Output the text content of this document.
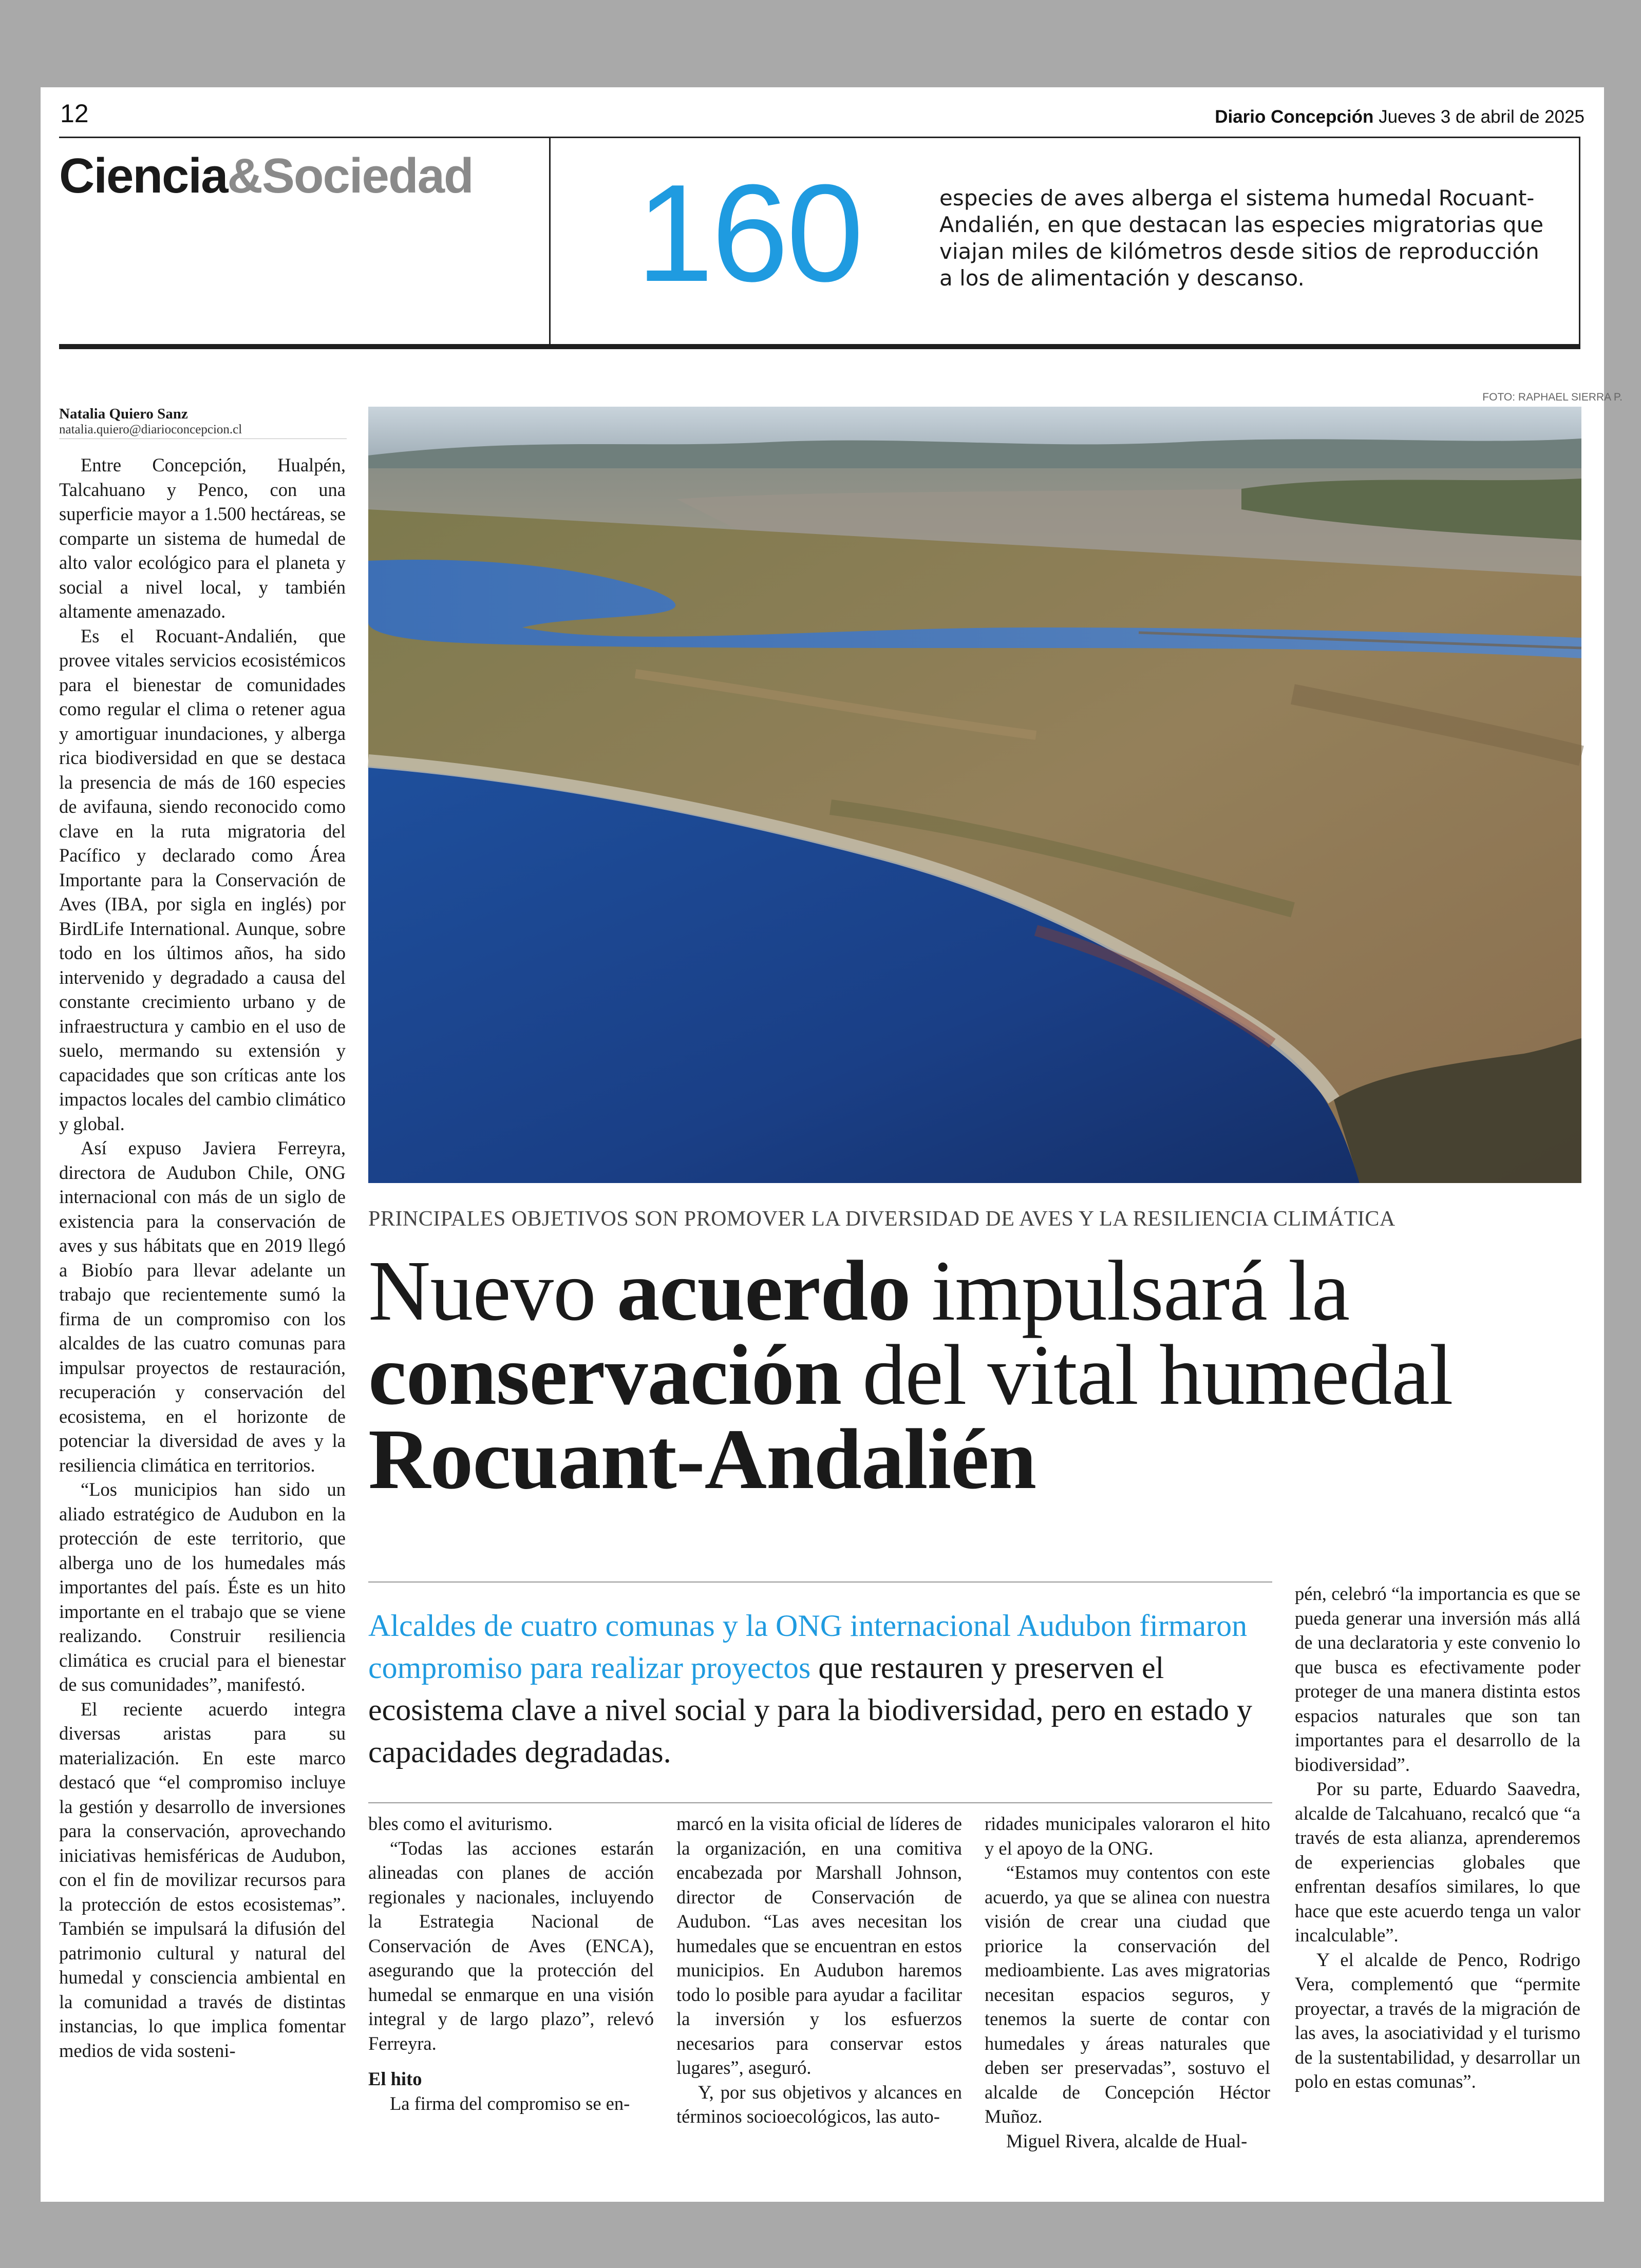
12	Diario Concepción Jueves 3 de abril de 2025
Ciencia&Sociedad 160	especies de aves alberga el sistema humedal Rocuant-Andalién, en que destacan las especies migratorias que viajan miles de kilómetros desde sitios de reproducción a los de alimentación y descanso.
FOTO: RAPHAEL SIERRA P.
PRINCIPALES OBJETIVOS SON PROMOVER LA DIVERSIDAD DE AVES Y LA RESILIENCIA CLIMÁTICA
Nuevo acuerdo impulsará la conservación del vital humedal Rocuant-Andalién
Alcaldes de cuatro comunas y la ONG internacional Audubon firmaron compromiso para realizar proyectos que restauren y preserven el ecosistema clave a nivel social y para la biodiversidad, pero en estado y capacidades degradadas.
Natalia Quiero Sanz
natalia.quiero@diarioconcepcion.cl

Entre Concepción, Hualpén, Talcahuano y Penco, con una superficie mayor a 1.500 hectáreas, se comparte un sistema de humedal de alto valor ecológico para el planeta y social a nivel local, y también altamente amenazado.

Es el Rocuant-Andalién, que provee vitales servicios ecosistémicos para el bienestar de comunidades como regular el clima o retener agua y amortiguar inundaciones, y alberga rica biodiversidad en que se destaca la presencia de más de 160 especies de avifauna, siendo reconocido como clave en la ruta migratoria del Pacífico y declarado como Área Importante para la Conservación de Aves (IBA, por sigla en inglés) por BirdLife International. Aunque, sobre todo en los últimos años, ha sido intervenido y degradado a causa del constante crecimiento urbano y de infraestructura y cambio en el uso de suelo, mermando su extensión y capacidades que son críticas ante los impactos locales del cambio climático y global.

Así expuso Javiera Ferreyra, directora de Audubon Chile, ONG internacional con más de un siglo de existencia para la conservación de aves y sus hábitats que en 2019 llegó a Biobío para llevar adelante un trabajo que recientemente sumó la firma de un compromiso con los alcaldes de las cuatro comunas para impulsar proyectos de restauración, recuperación y conservación del ecosistema, en el horizonte de potenciar la diversidad de aves y la resiliencia climática en territorios.

“Los municipios han sido un aliado estratégico de Audubon en la protección de este territorio, que alberga uno de los humedales más importantes del país. Éste es un hito importante en el trabajo que se viene realizando. Construir resiliencia climática es crucial para el bienestar de sus comunidades”, manifestó.

El reciente acuerdo integra diversas aristas para su materialización. En este marco destacó que “el compromiso incluye la gestión y desarrollo de inversiones para la conservación, aprovechando iniciativas hemisféricas de Audubon, con el fin de movilizar recursos para la protección de estos ecosistemas”. También se impulsará la difusión del patrimonio cultural y natural del humedal y consciencia ambiental en la comunidad a través de distintas instancias, lo que implica fomentar medios de vida sosteni-

bles como el aviturismo.

“Todas las acciones estarán alineadas con planes de acción regionales y nacionales, incluyendo la Estrategia Nacional de Conservación de Aves (ENCA), asegurando que la protección del humedal se enmarque en una visión integral y de largo plazo”, relevó Ferreyra.

El hito

La firma del compromiso se en-

marcó en la visita oficial de líderes de la organización, en una comitiva encabezada por Marshall Johnson, director de Conservación de Audubon. “Las aves necesitan los humedales que se encuentran en estos municipios. En Audubon haremos todo lo posible para ayudar a facilitar la inversión y los esfuerzos necesarios para conservar estos lugares”, aseguró.

Y, por sus objetivos y alcances en términos socioecológicos, las auto-

ridades municipales valoraron el hito y el apoyo de la ONG.

“Estamos muy contentos con este acuerdo, ya que se alinea con nuestra visión de crear una ciudad que priorice la conservación del medioambiente. Las aves migratorias necesitan espacios seguros, y tenemos la suerte de contar con humedales y áreas naturales que deben ser preservadas”, sostuvo el alcalde de Concepción Héctor Muñoz.

Miguel Rivera, alcalde de Hual-

pén, celebró “la importancia es que se pueda generar una inversión más allá de una declaratoria y este convenio lo que busca es efectivamente poder proteger de una manera distinta estos espacios naturales que son tan importantes para el desarrollo de la biodiversidad”.

Por su parte, Eduardo Saavedra, alcalde de Talcahuano, recalcó que “a través de esta alianza, aprenderemos de experiencias globales que enfrentan desafíos similares, lo que hace que este acuerdo tenga un valor incalculable”.

Y el alcalde de Penco, Rodrigo Vera, complementó que “permite proyectar, a través de la migración de las aves, la asociatividad y el turismo de la sustentabilidad, y desarrollar un polo en estas comunas”.
